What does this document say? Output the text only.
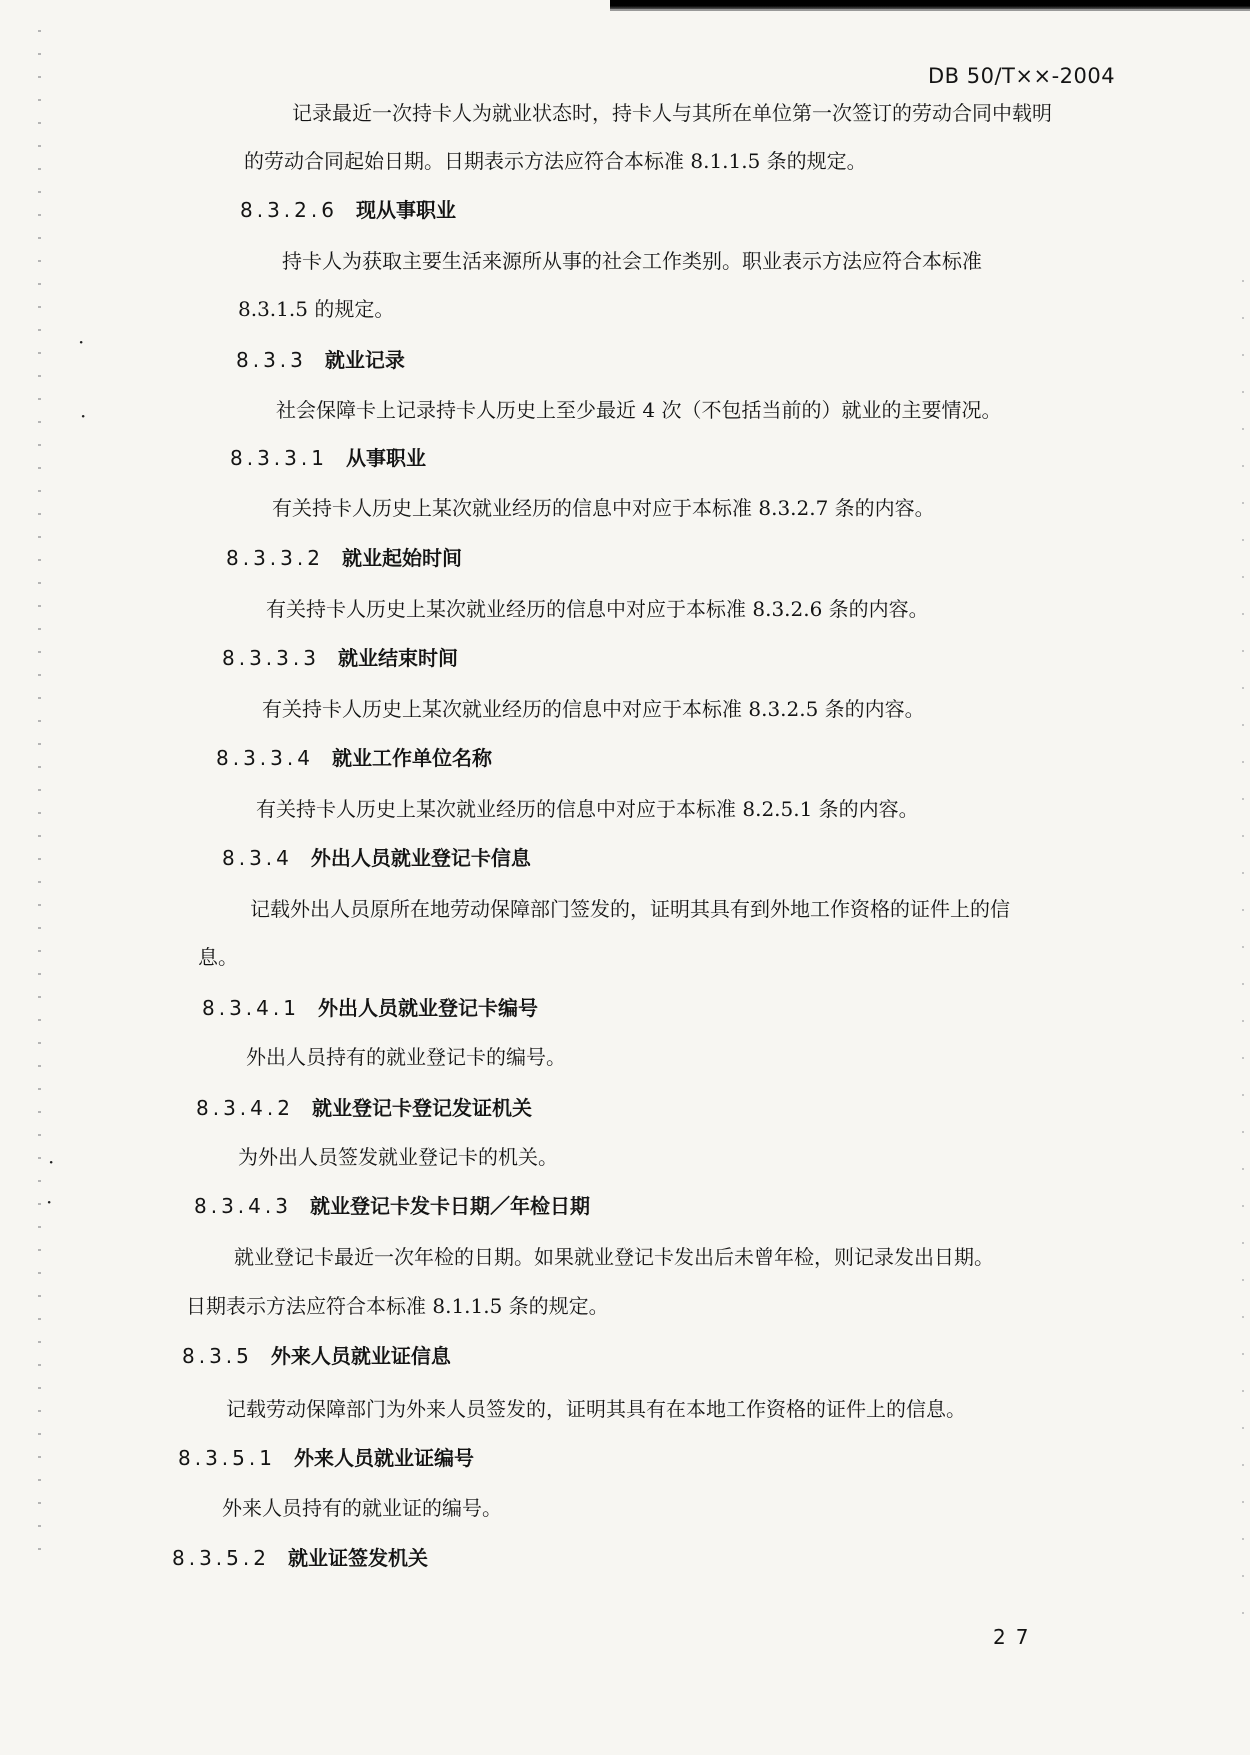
·
·
·
·
DB 50/T××-2004
记录最近一次持卡人为就业状态时，持卡人与其所在单位第一次签订的劳动合同中载明
的劳动合同起始日期。日期表示方法应符合本标准 8.1.1.5 条的规定。
8.3.2.6 现从事职业
持卡人为获取主要生活来源所从事的社会工作类别。职业表示方法应符合本标准
8.3.1.5 的规定。
8.3.3 就业记录
社会保障卡上记录持卡人历史上至少最近 4 次（不包括当前的）就业的主要情况。
8.3.3.1 从事职业
有关持卡人历史上某次就业经历的信息中对应于本标准 8.3.2.7 条的内容。
8.3.3.2 就业起始时间
有关持卡人历史上某次就业经历的信息中对应于本标准 8.3.2.6 条的内容。
8.3.3.3 就业结束时间
有关持卡人历史上某次就业经历的信息中对应于本标准 8.3.2.5 条的内容。
8.3.3.4 就业工作单位名称
有关持卡人历史上某次就业经历的信息中对应于本标准 8.2.5.1 条的内容。
8.3.4 外出人员就业登记卡信息
记载外出人员原所在地劳动保障部门签发的，证明其具有到外地工作资格的证件上的信
息。
8.3.4.1 外出人员就业登记卡编号
外出人员持有的就业登记卡的编号。
8.3.4.2 就业登记卡登记发证机关
为外出人员签发就业登记卡的机关。
8.3.4.3 就业登记卡发卡日期／年检日期
就业登记卡最近一次年检的日期。如果就业登记卡发出后未曾年检，则记录发出日期。
日期表示方法应符合本标准 8.1.1.5 条的规定。
8.3.5 外来人员就业证信息
记载劳动保障部门为外来人员签发的，证明其具有在本地工作资格的证件上的信息。
8.3.5.1 外来人员就业证编号
外来人员持有的就业证的编号。
8.3.5.2 就业证签发机关
27
